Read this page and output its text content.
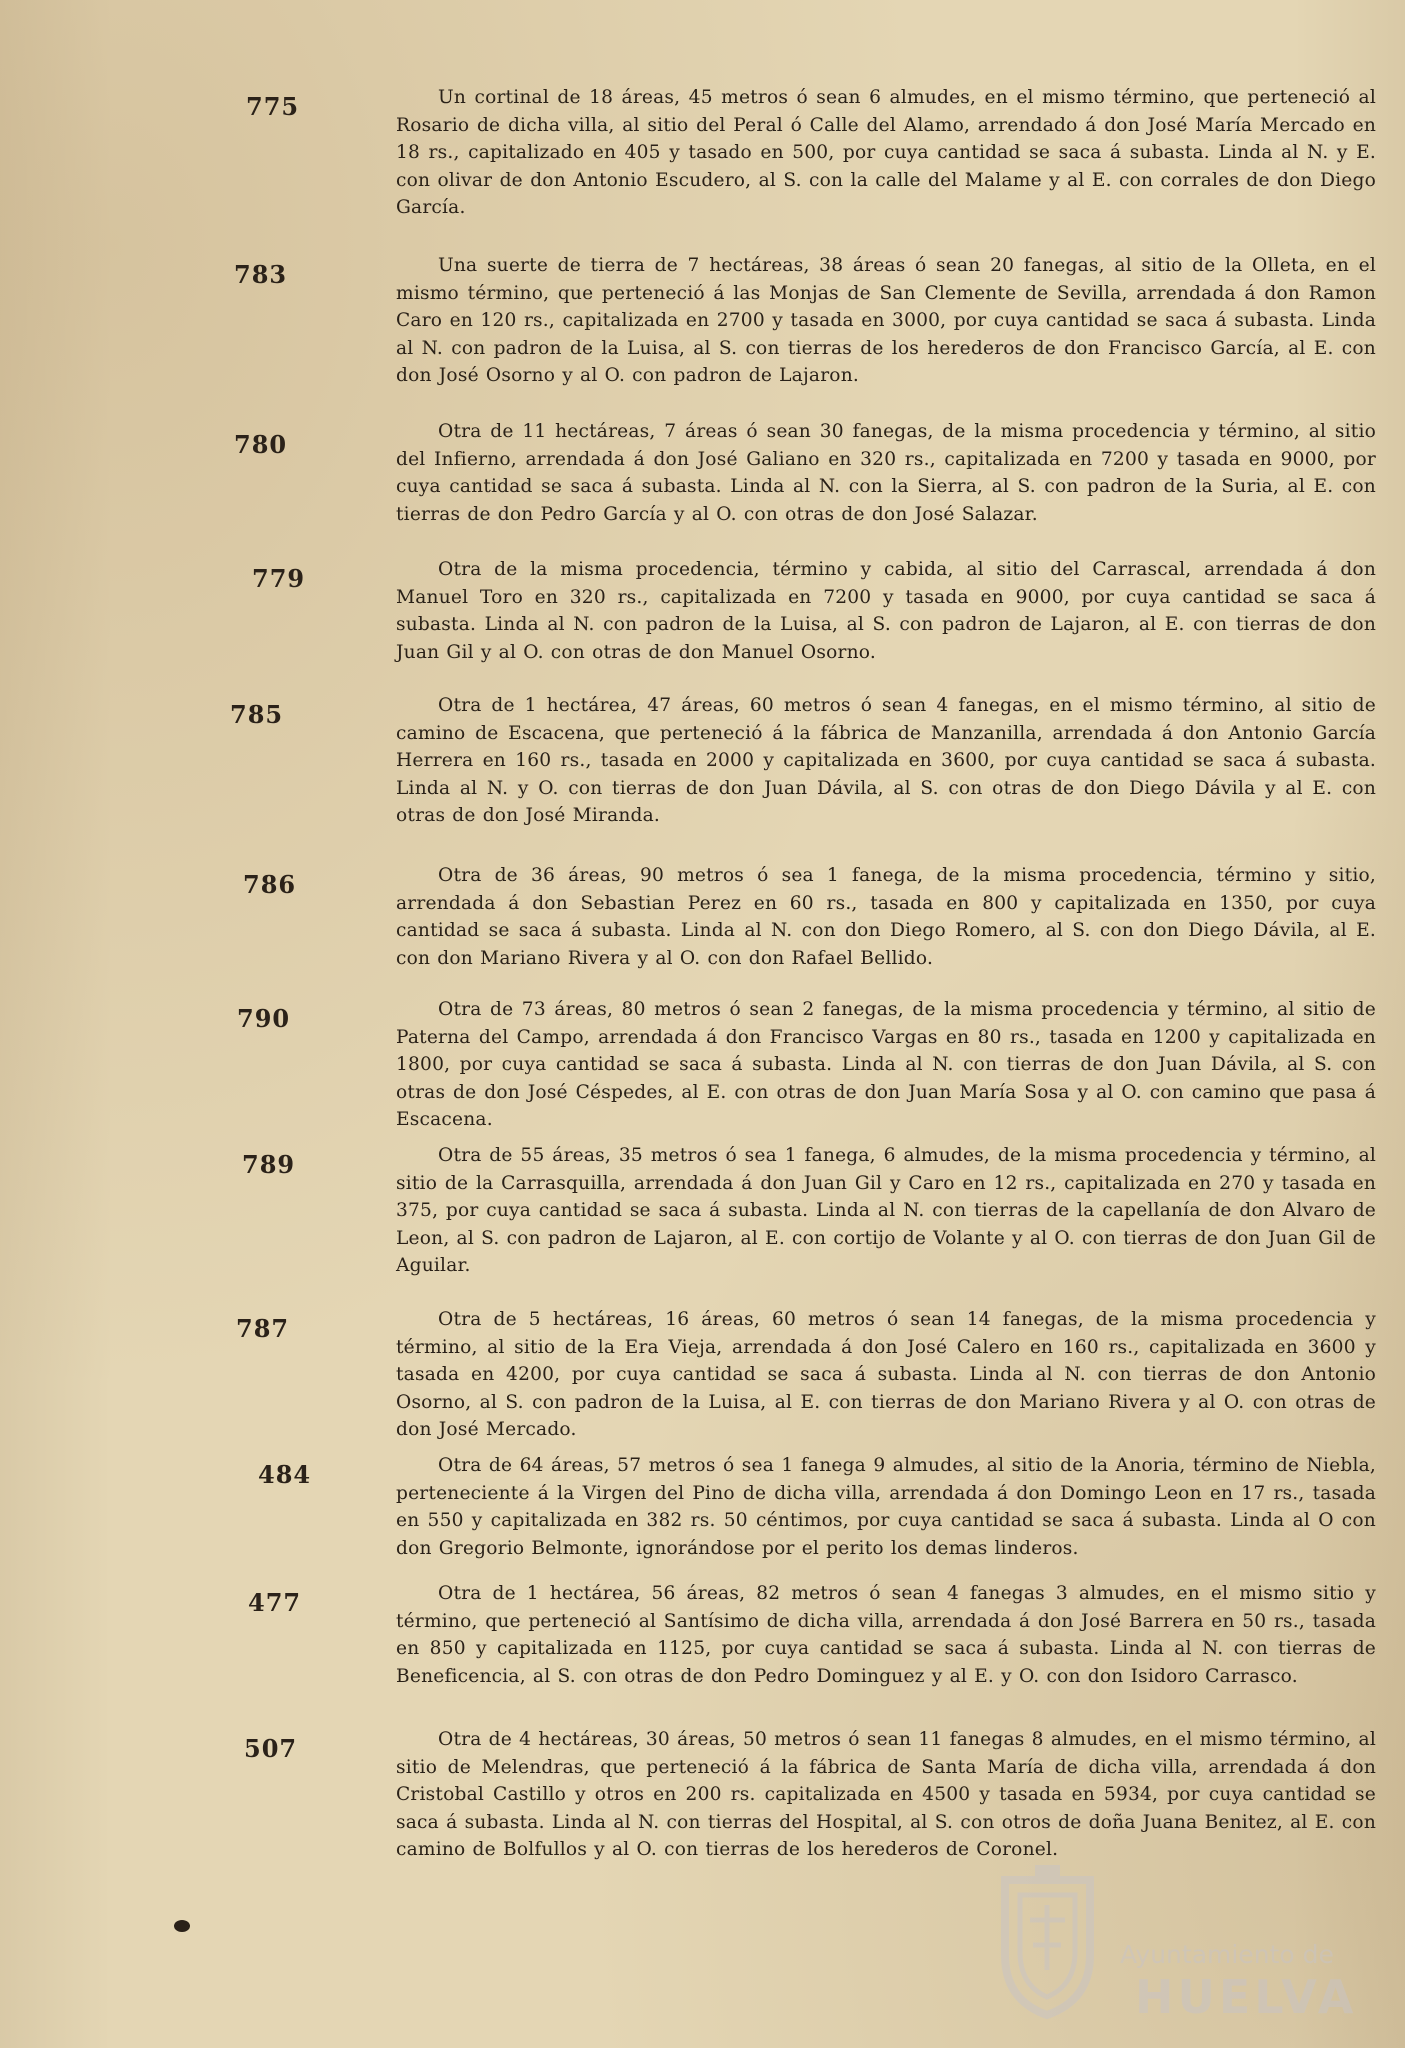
775	Un cortinal de 18 áreas, 45 metros ó sean 6 almudes, en el mismo término, que perteneció al Rosario de dicha villa, al sitio del Peral ó Calle del Alamo, arrendado á don José María Mercado en 18 rs., capitalizado en 405 y tasado en 500, por cuya cantidad se saca á subasta. Linda al N. y E. con olivar de don Antonio Escudero, al S. con la calle del Malame y al E. con corrales de don Diego García.

783	Una suerte de tierra de 7 hectáreas, 38 áreas ó sean 20 fanegas, al sitio de la Olleta, en el mismo término, que perteneció á las Monjas de San Clemente de Sevilla, arrendada á don Ramon Caro en 120 rs., capitalizada en 2700 y tasada en 3000, por cuya cantidad se saca á subasta. Linda al N. con padron de la Luisa, al S. con tierras de los herederos de don Francisco García, al E. con don José Osorno y al O. con padron de Lajaron.

780	Otra de 11 hectáreas, 7 áreas ó sean 30 fanegas, de la misma procedencia y término, al sitio del Infierno, arrendada á don José Galiano en 320 rs., capitalizada en 7200 y tasada en 9000, por cuya cantidad se saca á subasta. Linda al N. con la Sierra, al S. con padron de la Suria, al E. con tierras de don Pedro García y al O. con otras de don José Salazar.

779	Otra de la misma procedencia, término y cabida, al sitio del Carrascal, arrendada á don Manuel Toro en 320 rs., capitalizada en 7200 y tasada en 9000, por cuya cantidad se saca á subasta. Linda al N. con padron de la Luisa, al S. con padron de Lajaron, al E. con tierras de don Juan Gil y al O. con otras de don Manuel Osorno.

785	Otra de 1 hectárea, 47 áreas, 60 metros ó sean 4 fanegas, en el mismo término, al sitio de camino de Escacena, que perteneció á la fábrica de Manzanilla, arrendada á don Antonio García Herrera en 160 rs., tasada en 2000 y capitalizada en 3600, por cuya cantidad se saca á subasta. Linda al N. y O. con tierras de don Juan Dávila, al S. con otras de don Diego Dávila y al E. con otras de don José Miranda.

786	Otra de 36 áreas, 90 metros ó sea 1 fanega, de la misma procedencia, término y sitio, arrendada á don Sebastian Perez en 60 rs., tasada en 800 y capitalizada en 1350, por cuya cantidad se saca á subasta. Linda al N. con don Diego Romero, al S. con don Diego Dávila, al E. con don Mariano Rivera y al O. con don Rafael Bellido.

790	Otra de 73 áreas, 80 metros ó sean 2 fanegas, de la misma procedencia y término, al sitio de Paterna del Campo, arrendada á don Francisco Vargas en 80 rs., tasada en 1200 y capitalizada en 1800, por cuya cantidad se saca á subasta. Linda al N. con tierras de don Juan Dávila, al S. con otras de don José Céspedes, al E. con otras de don Juan María Sosa y al O. con camino que pasa á Escacena.

789	Otra de 55 áreas, 35 metros ó sea 1 fanega, 6 almudes, de la misma procedencia y término, al sitio de la Carrasquilla, arrendada á don Juan Gil y Caro en 12 rs., capitalizada en 270 y tasada en 375, por cuya cantidad se saca á subasta. Linda al N. con tierras de la capellanía de don Alvaro de Leon, al S. con padron de Lajaron, al E. con cortijo de Volante y al O. con tierras de don Juan Gil de Aguilar.

787	Otra de 5 hectáreas, 16 áreas, 60 metros ó sean 14 fanegas, de la misma procedencia y término, al sitio de la Era Vieja, arrendada á don José Calero en 160 rs., capitalizada en 3600 y tasada en 4200, por cuya cantidad se saca á subasta. Linda al N. con tierras de don Antonio Osorno, al S. con padron de la Luisa, al E. con tierras de don Mariano Rivera y al O. con otras de don José Mercado.

484	Otra de 64 áreas, 57 metros ó sea 1 fanega 9 almudes, al sitio de la Anoria, término de Niebla, perteneciente á la Virgen del Pino de dicha villa, arrendada á don Domingo Leon en 17 rs., tasada en 550 y capitalizada en 382 rs. 50 céntimos, por cuya cantidad se saca á subasta. Linda al O con don Gregorio Belmonte, ignorándose por el perito los demas linderos.

477	Otra de 1 hectárea, 56 áreas, 82 metros ó sean 4 fanegas 3 almudes, en el mismo sitio y término, que perteneció al Santísimo de dicha villa, arrendada á don José Barrera en 50 rs., tasada en 850 y capitalizada en 1125, por cuya cantidad se saca á subasta. Linda al N. con tierras de Beneficencia, al S. con otras de don Pedro Dominguez y al E. y O. con don Isidoro Carrasco.

507	Otra de 4 hectáreas, 30 áreas, 50 metros ó sean 11 fanegas 8 almudes, en el mismo término, al sitio de Melendras, que perteneció á la fábrica de Santa María de dicha villa, arrendada á don Cristobal Castillo y otros en 200 rs. capitalizada en 4500 y tasada en 5934, por cuya cantidad se saca á subasta. Linda al N. con tierras del Hospital, al S. con otros de doña Juana Benitez, al E. con camino de Bolfullos y al O. con tierras de los herederos de Coronel.

Ayuntamiento de
HUELVA
